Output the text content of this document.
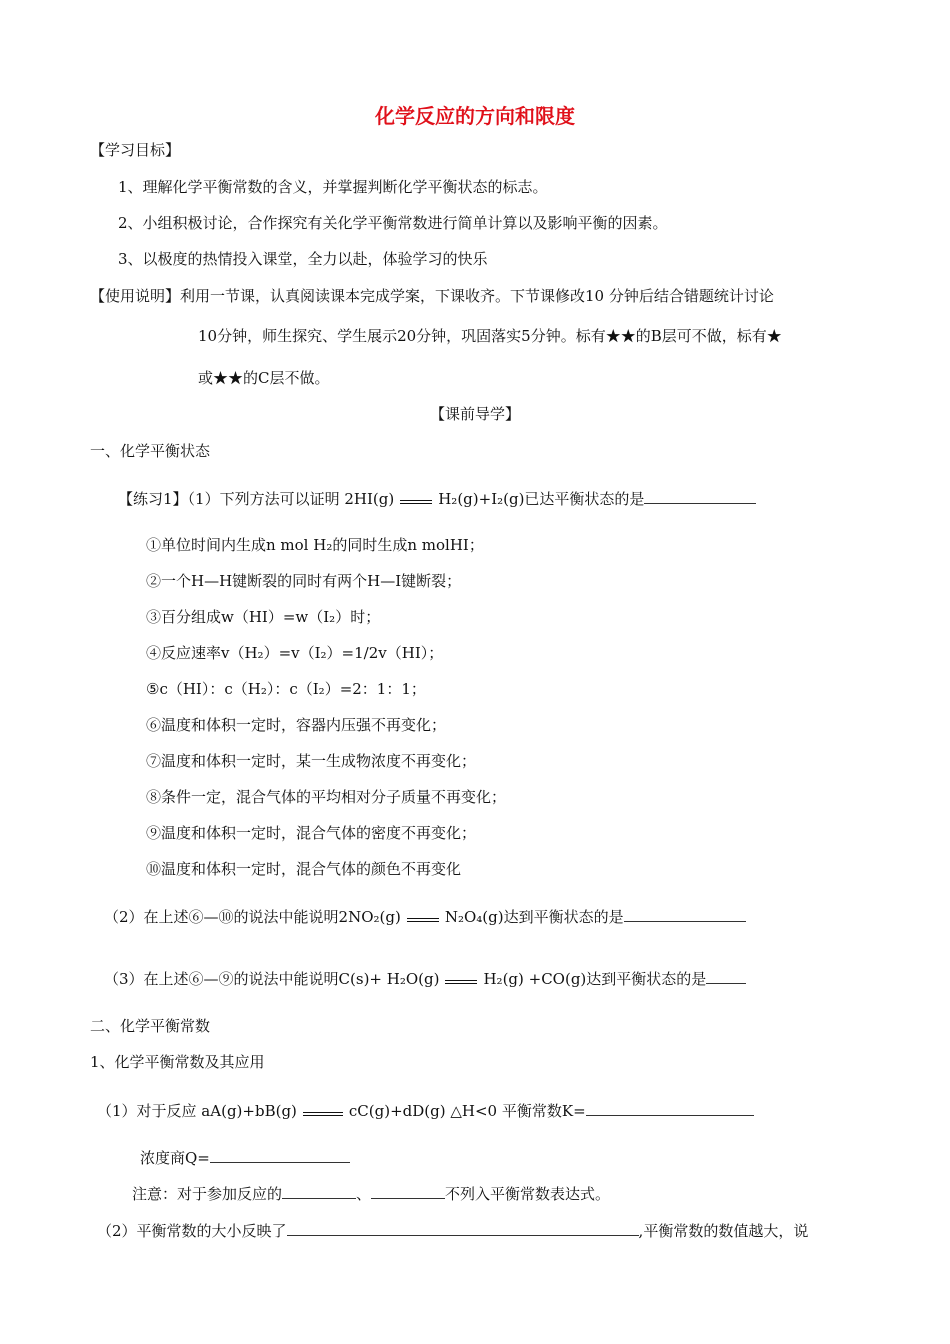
化学反应的方向和限度
【学习目标】
1、理解化学平衡常数的含义，并掌握判断化学平衡状态的标志。
2、小组积极讨论，合作探究有关化学平衡常数进行简单计算以及影响平衡的因素。
3、以极度的热情投入课堂，全力以赴，体验学习的快乐
【使用说明】利用一节课，认真阅读课本完成学案，下课收齐。下节课修改10 分钟后结合错题统计讨论
10分钟，师生探究、学生展示20分钟，巩固落实5分钟。标有★★的B层可不做，标有★
或★★的C层不做。
【课前导学】
一、化学平衡状态
【练习1】（1）下列方法可以证明 2HI(g)	H₂(g)+I₂(g)已达平衡状态的是
①单位时间内生成n mol H₂的同时生成n molHI；
②一个H—H键断裂的同时有两个H—I键断裂；
③百分组成w（HI）=w（I₂）时；
④反应速率v（H₂）=v（I₂）=1/2v（HI）；
⑤c（HI）：c（H₂）：c（I₂）=2：1：1；
⑥温度和体积一定时，容器内压强不再变化；
⑦温度和体积一定时，某一生成物浓度不再变化；
⑧条件一定，混合气体的平均相对分子质量不再变化；
⑨温度和体积一定时，混合气体的密度不再变化；
⑩温度和体积一定时，混合气体的颜色不再变化
（2）在上述⑥—⑩的说法中能说明2NO₂(g)	N₂O₄(g)达到平衡状态的是
（3）在上述⑥—⑨的说法中能说明C(s)+ H₂O(g)	H₂(g) +CO(g)达到平衡状态的是
二、化学平衡常数
1、化学平衡常数及其应用
（1）对于反应 aA(g)+bB(g)	cC(g)+dD(g) △H<0 平衡常数K=
浓度商Q=
注意：对于参加反应的	、	不列入平衡常数表达式。
（2）平衡常数的大小反映了	,平衡常数的数值越大，说
